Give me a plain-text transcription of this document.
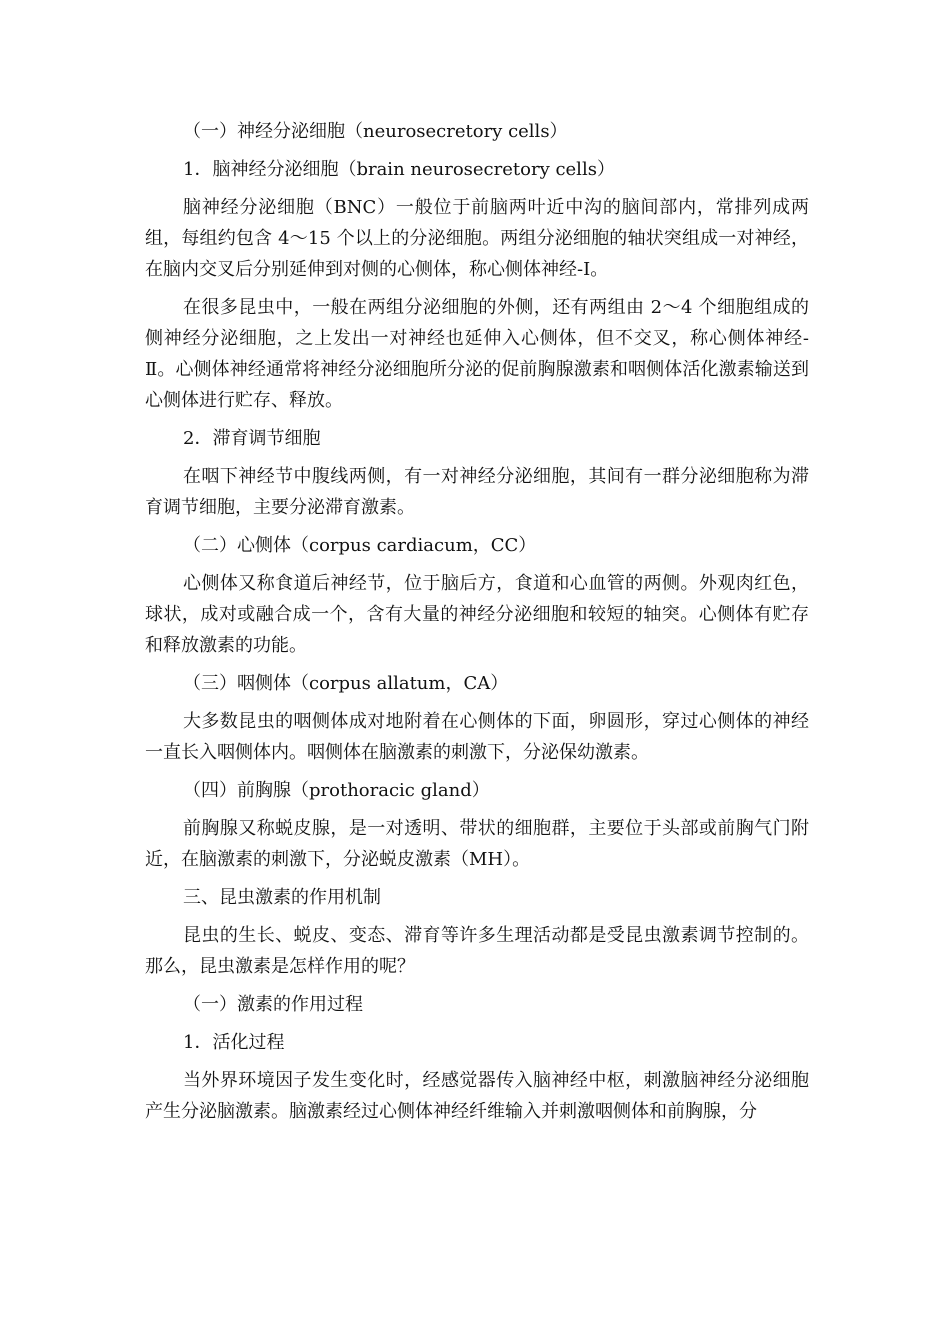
（一）神经分泌细胞（neurosecretory cells）

1．脑神经分泌细胞（brain neurosecretory cells）

脑神经分泌细胞（BNC）一般位于前脑两叶近中沟的脑间部内，常排列成两组，每组约包含 4～15 个以上的分泌细胞。两组分泌细胞的轴状突组成一对神经，在脑内交叉后分别延伸到对侧的心侧体，称心侧体神经-Ⅰ。

在很多昆虫中，一般在两组分泌细胞的外侧，还有两组由 2～4 个细胞组成的侧神经分泌细胞，之上发出一对神经也延伸入心侧体，但不交叉，称心侧体神经-Ⅱ。心侧体神经通常将神经分泌细胞所分泌的促前胸腺激素和咽侧体活化激素输送到心侧体进行贮存、释放。

2．滞育调节细胞

在咽下神经节中腹线两侧，有一对神经分泌细胞，其间有一群分泌细胞称为滞育调节细胞，主要分泌滞育激素。

（二）心侧体（corpus cardiacum，CC）

心侧体又称食道后神经节，位于脑后方，食道和心血管的两侧。外观肉红色，球状，成对或融合成一个，含有大量的神经分泌细胞和较短的轴突。心侧体有贮存和释放激素的功能。

（三）咽侧体（corpus allatum，CA）

大多数昆虫的咽侧体成对地附着在心侧体的下面，卵圆形，穿过心侧体的神经一直长入咽侧体内。咽侧体在脑激素的刺激下，分泌保幼激素。

（四）前胸腺（prothoracic gland）

前胸腺又称蜕皮腺，是一对透明、带状的细胞群，主要位于头部或前胸气门附近，在脑激素的刺激下，分泌蜕皮激素（MH）。

三、昆虫激素的作用机制

昆虫的生长、蜕皮、变态、滞育等许多生理活动都是受昆虫激素调节控制的。那么，昆虫激素是怎样作用的呢？

（一）激素的作用过程

1．活化过程

当外界环境因子发生变化时，经感觉器传入脑神经中枢，刺激脑神经分泌细胞产生分泌脑激素。脑激素经过心侧体神经纤维输入并刺激咽侧体和前胸腺，分
